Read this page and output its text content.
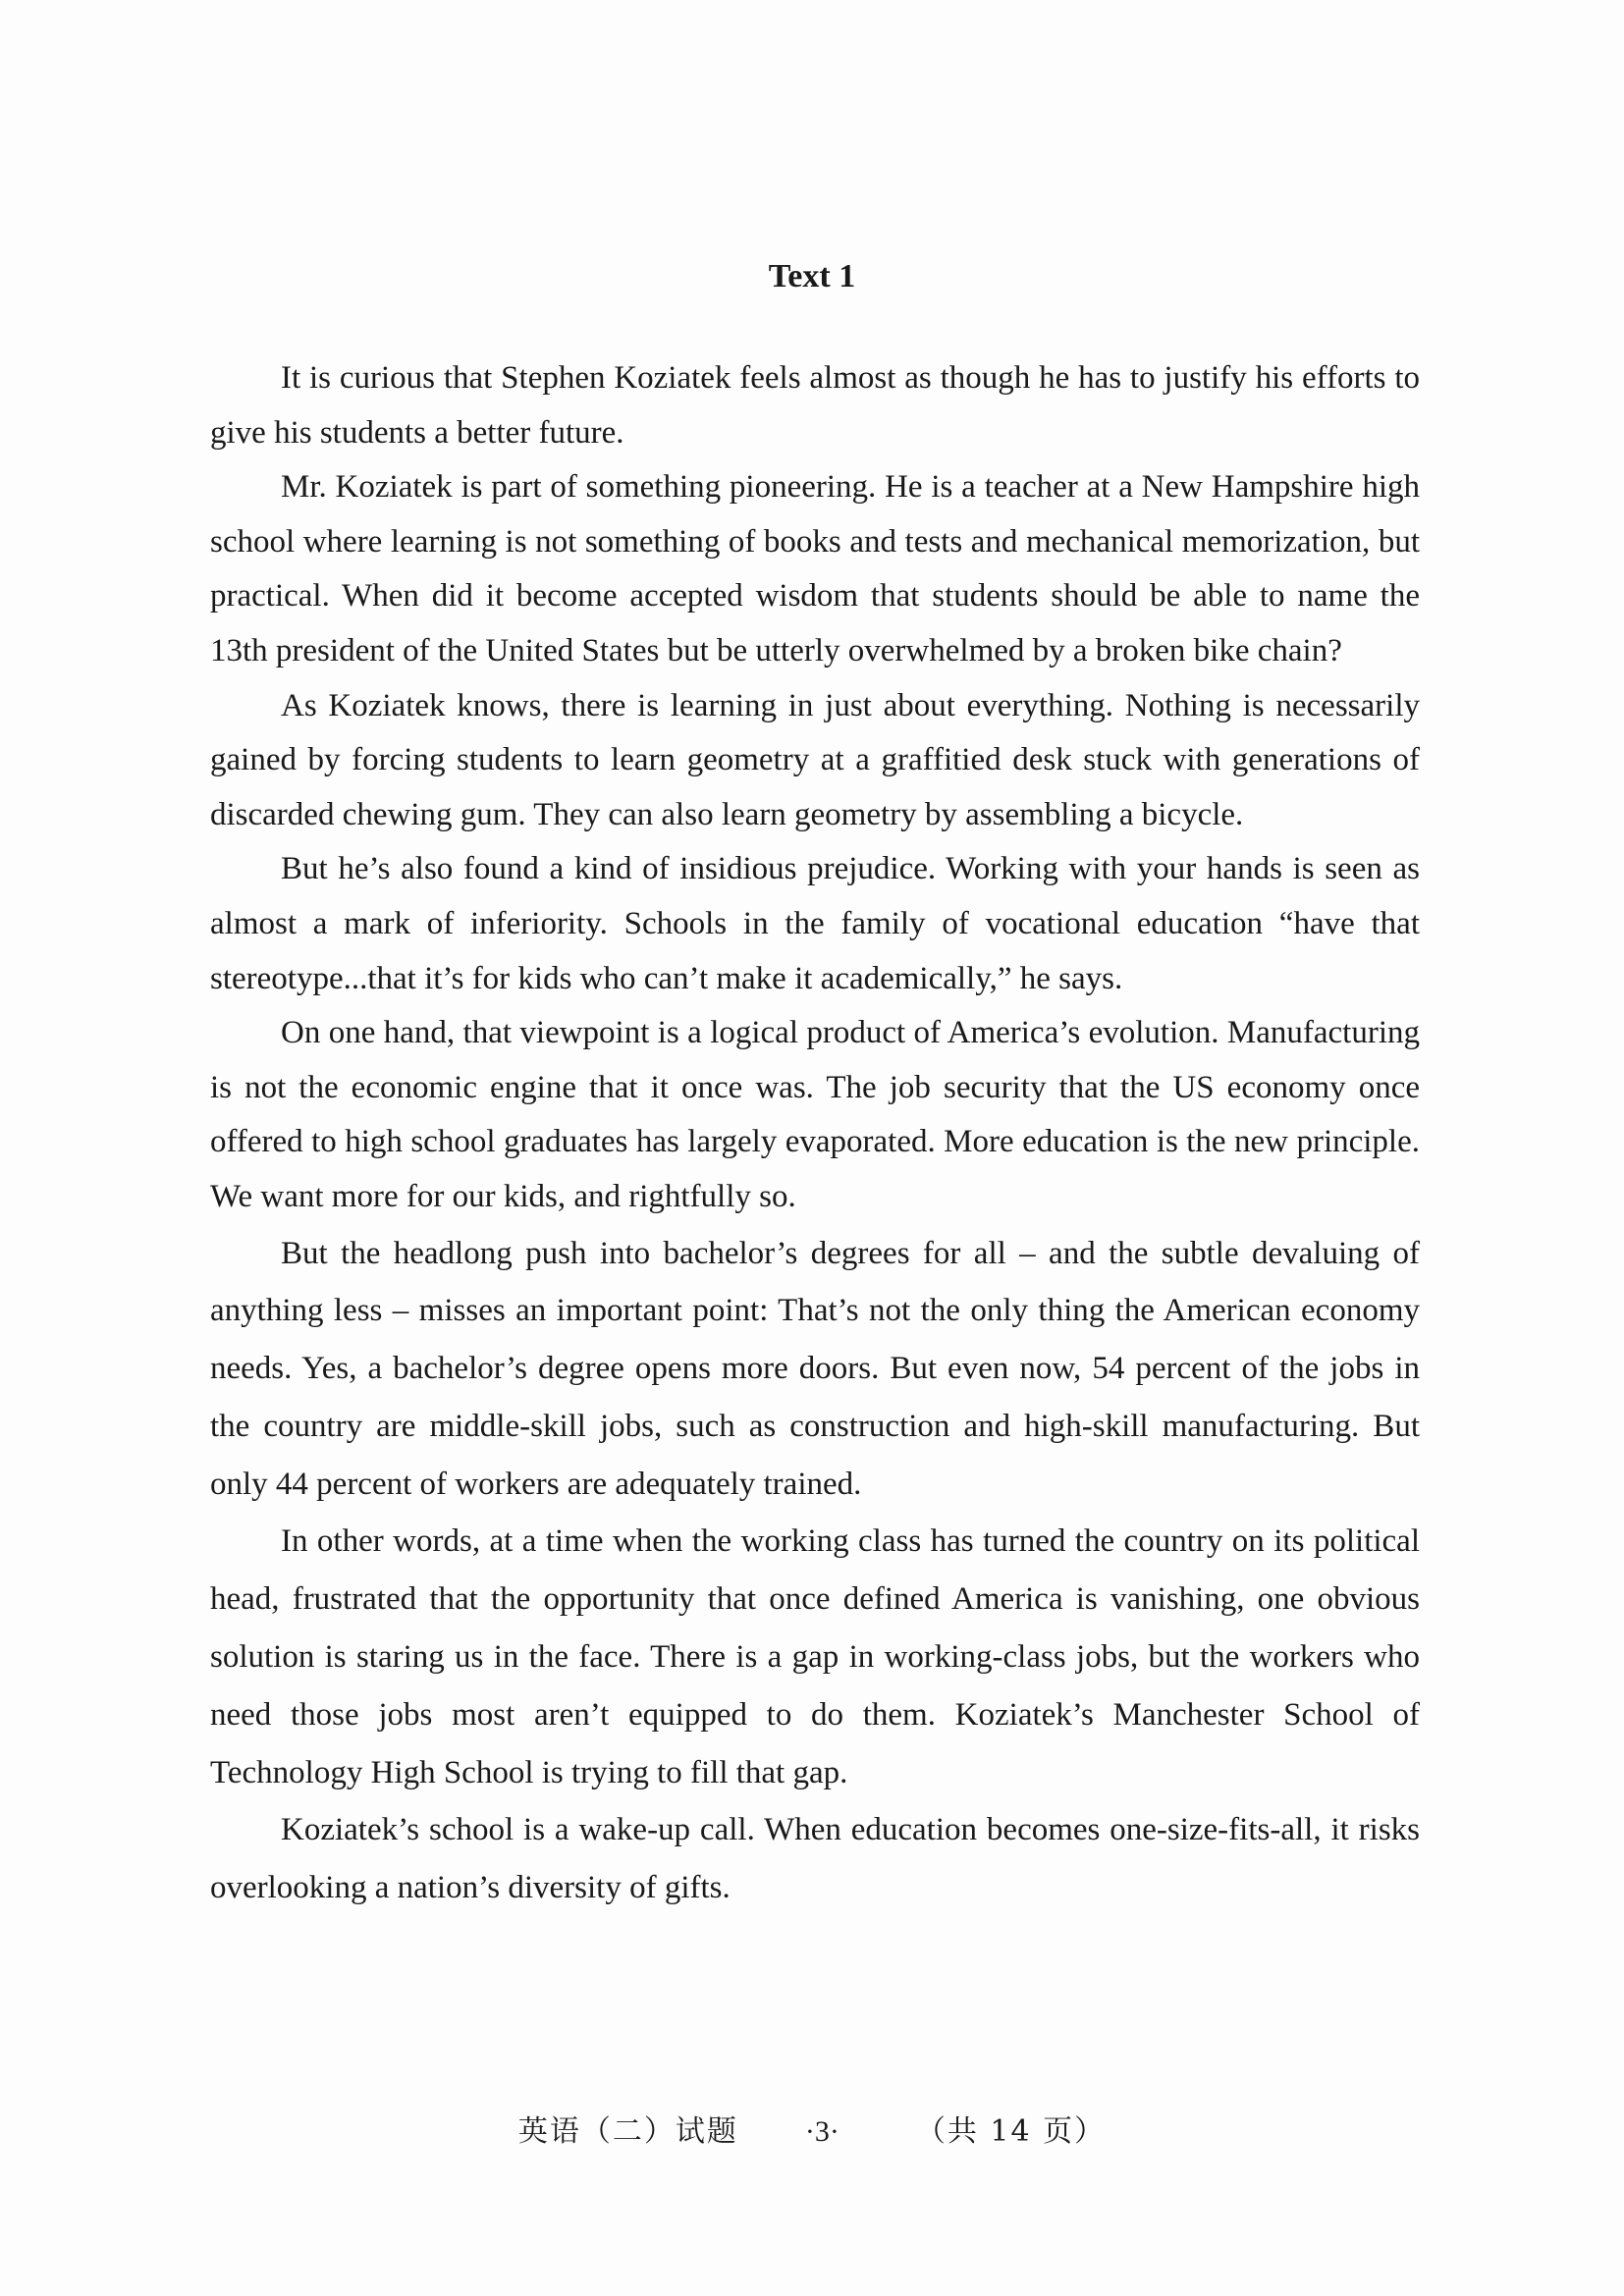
Text 1

It is curious that Stephen Koziatek feels almost as though he has to justify his efforts to give his students a better future.

Mr. Koziatek is part of something pioneering. He is a teacher at a New Hampshire high school where learning is not something of books and tests and mechanical memorization, but practical. When did it become accepted wisdom that students should be able to name the 13th president of the United States but be utterly overwhelmed by a broken bike chain?

As Koziatek knows, there is learning in just about everything. Nothing is necessarily gained by forcing students to learn geometry at a graffitied desk stuck with generations of discarded chewing gum. They can also learn geometry by assembling a bicycle.

But he’s also found a kind of insidious prejudice. Working with your hands is seen as almost a mark of inferiority. Schools in the family of vocational education “have that stereotype...that it’s for kids who can’t make it academically,” he says.

On one hand, that viewpoint is a logical product of America’s evolution. Manufacturing is not the economic engine that it once was. The job security that the US economy once offered to high school graduates has largely evaporated. More education is the new principle. We want more for our kids, and rightfully so.

But the headlong push into bachelor’s degrees for all – and the subtle devaluing of anything less – misses an important point: That’s not the only thing the American economy needs. Yes, a bachelor’s degree opens more doors. But even now, 54 percent of the jobs in the country are middle-skill jobs, such as construction and high-skill manufacturing. But only 44 percent of workers are adequately trained.

In other words, at a time when the working class has turned the country on its political head, frustrated that the opportunity that once defined America is vanishing, one obvious solution is staring us in the face. There is a gap in working-class jobs, but the workers who need those jobs most aren’t equipped to do them. Koziatek’s Manchester School of Technology High School is trying to fill that gap.

Koziatek’s school is a wake-up call. When education becomes one-size-fits-all, it risks overlooking a nation’s diversity of gifts.

英语（二）试题 ·3·	（共 14 页）
